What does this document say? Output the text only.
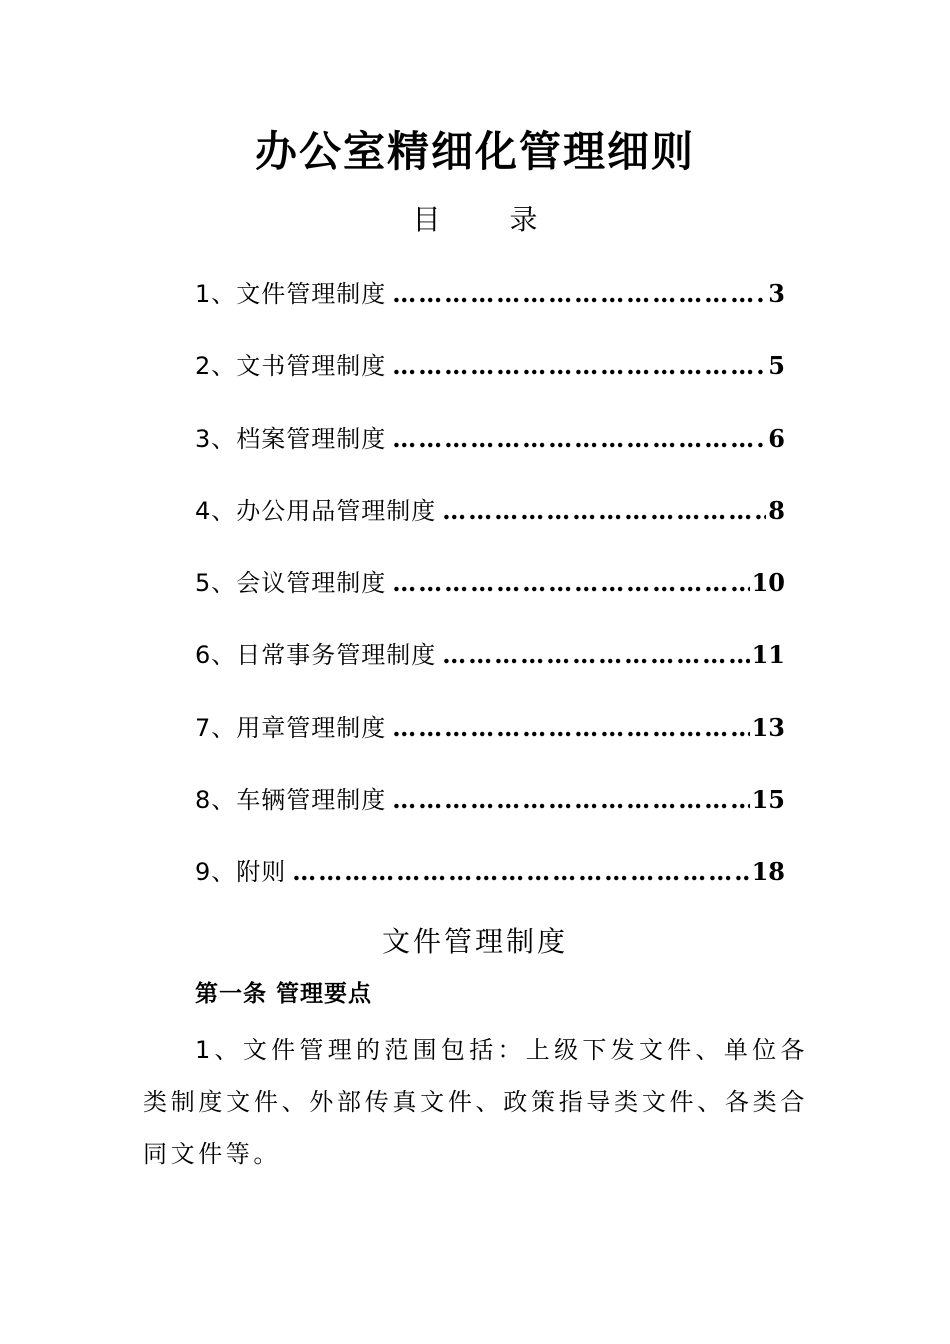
办公室精细化管理细则
目 录
1、文件管理制度 …………………………………………………………………………………………………………………………	3
2、文书管理制度 …………………………………………………………………………………………………………………………	5
3、档案管理制度 …………………………………………………………………………………………………………………………	6
4、办公用品管理制度 …………………………………………………………………………………………………………………………	8
5、会议管理制度 …………………………………………………………………………………………………………………………	10
6、日常事务管理制度 …………………………………………………………………………………………………………………………	11
7、用章管理制度 …………………………………………………………………………………………………………………………	13
8、车辆管理制度 …………………………………………………………………………………………………………………………	15
9、附则 …………………………………………………………………………………………………………………………	18
文件管理制度
第一条 管理要点

1、文件管理的范围包括：上级下发文件、单位各类制度文件、外部传真文件、政策指导类文件、各类合同文件等。
